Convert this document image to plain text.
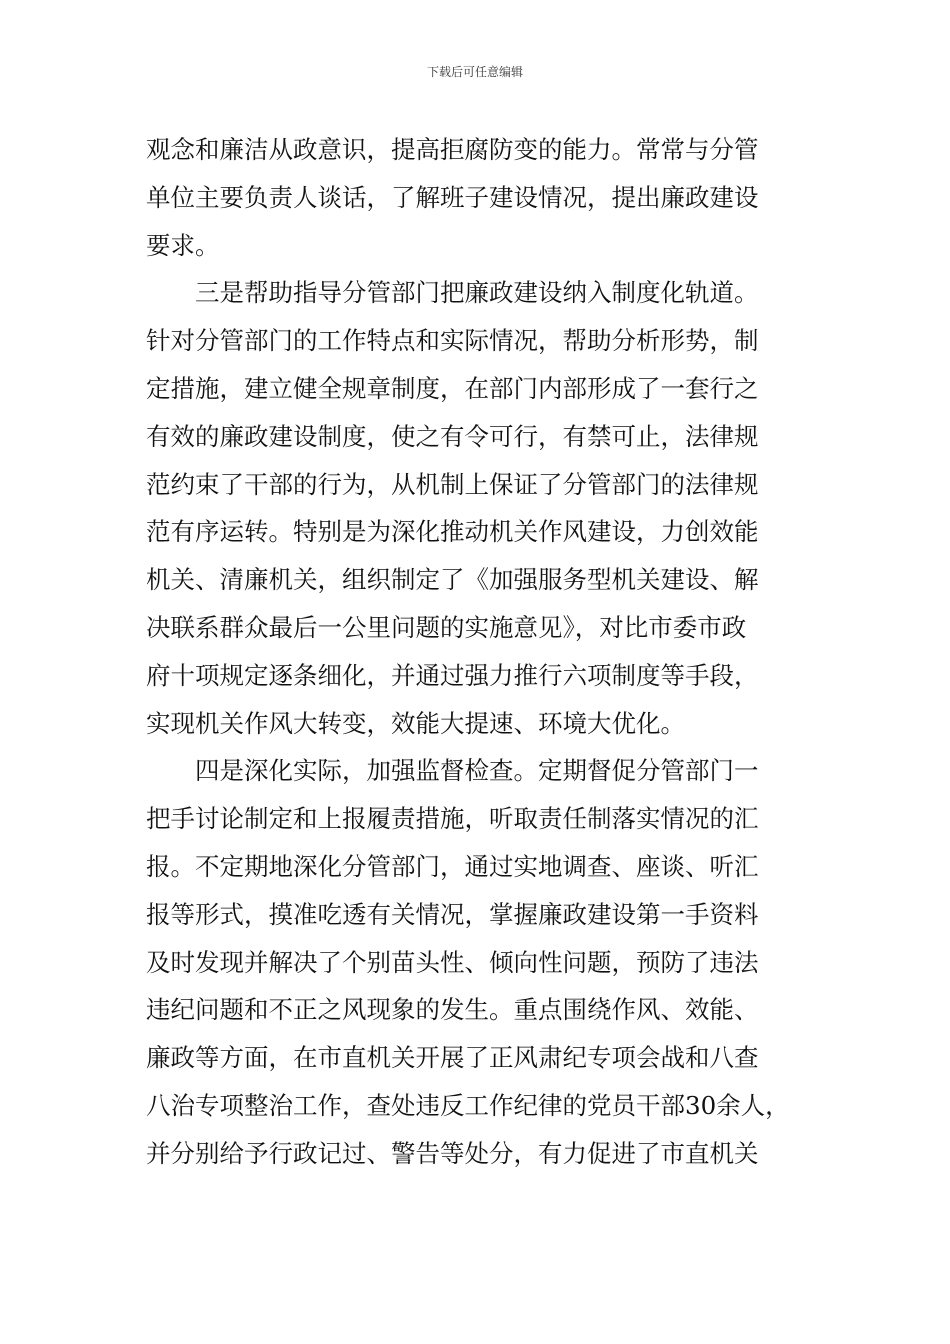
下载后可任意编辑
观念和廉洁从政意识，提高拒腐防变的能力。常常与分管
单位主要负责人谈话，了解班子建设情况，提出廉政建设
要求。
三是帮助指导分管部门把廉政建设纳入制度化轨道。
针对分管部门的工作特点和实际情况，帮助分析形势，制
定措施，建立健全规章制度，在部门内部形成了一套行之
有效的廉政建设制度，使之有令可行，有禁可止，法律规
范约束了干部的行为，从机制上保证了分管部门的法律规
范有序运转。特别是为深化推动机关作风建设，力创效能
机关、清廉机关，组织制定了《加强服务型机关建设、解
决联系群众最后一公里问题的实施意见》，对比市委市政
府十项规定逐条细化，并通过强力推行六项制度等手段，
实现机关作风大转变，效能大提速、环境大优化。
四是深化实际，加强监督检查。定期督促分管部门一
把手讨论制定和上报履责措施，听取责任制落实情况的汇
报。不定期地深化分管部门，通过实地调查、座谈、听汇
报等形式，摸准吃透有关情况，掌握廉政建设第一手资料
及时发现并解决了个别苗头性、倾向性问题，预防了违法
违纪问题和不正之风现象的发生。重点围绕作风、效能、
廉政等方面，在市直机关开展了正风肃纪专项会战和八查
八治专项整治工作，查处违反工作纪律的党员干部30余人，
并分别给予行政记过、警告等处分，有力促进了市直机关
